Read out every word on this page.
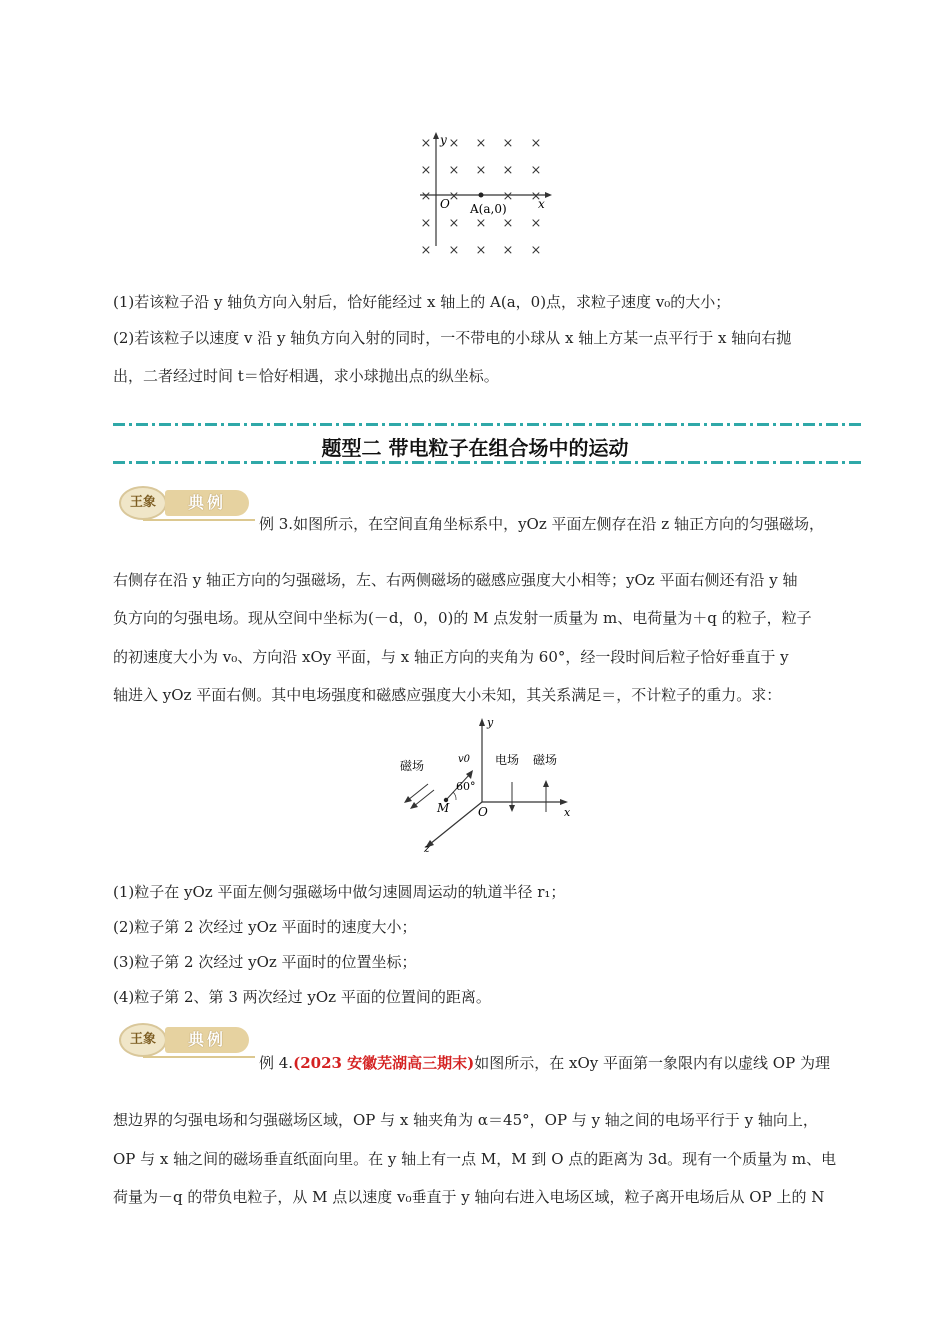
× × × × ×
× × × × ×
× ×	× ×
× × × × ×
× × × × ×
y
x
O A(a,0)
(1)若该粒子沿 y 轴负方向入射后，恰好能经过 x 轴上的 A(a，0)点，求粒子速度 v₀的大小；
(2)若该粒子以速度 v 沿 y 轴负方向入射的同时，一不带电的小球从 x 轴上方某一点平行于 x 轴向右抛
出，二者经过时间 t＝恰好相遇，求小球抛出点的纵坐标。
题型二 带电粒子在组合场中的运动
王象	典例
例 3.如图所示，在空间直角坐标系中，yOz 平面左侧存在沿 z 轴正方向的匀强磁场，
右侧存在沿 y 轴正方向的匀强磁场，左、右两侧磁场的磁感应强度大小相等；yOz 平面右侧还有沿 y 轴
负方向的匀强电场。现从空间中坐标为(－d，0，0)的 M 点发射一质量为 m、电荷量为＋q 的粒子，粒子
的初速度大小为 v₀、方向沿 xOy 平面，与 x 轴正方向的夹角为 60°，经一段时间后粒子恰好垂直于 y
轴进入 yOz 平面右侧。其中电场强度和磁感应强度大小未知，其关系满足＝，不计粒子的重力。求：
y
x
z
O
M
v0
60°
磁场	电场 磁场
(1)粒子在 yOz 平面左侧匀强磁场中做匀速圆周运动的轨道半径 r₁；
(2)粒子第 2 次经过 yOz 平面时的速度大小；
(3)粒子第 2 次经过 yOz 平面时的位置坐标；
(4)粒子第 2、第 3 两次经过 yOz 平面的位置间的距离。
王象	典例
例 4.(2023 安徽芜湖高三期末)如图所示，在 xOy 平面第一象限内有以虚线 OP 为理
想边界的匀强电场和匀强磁场区域，OP 与 x 轴夹角为 α＝45°，OP 与 y 轴之间的电场平行于 y 轴向上，
OP 与 x 轴之间的磁场垂直纸面向里。在 y 轴上有一点 M，M 到 O 点的距离为 3d。现有一个质量为 m、电
荷量为－q 的带负电粒子，从 M 点以速度 v₀垂直于 y 轴向右进入电场区域，粒子离开电场后从 OP 上的 N
